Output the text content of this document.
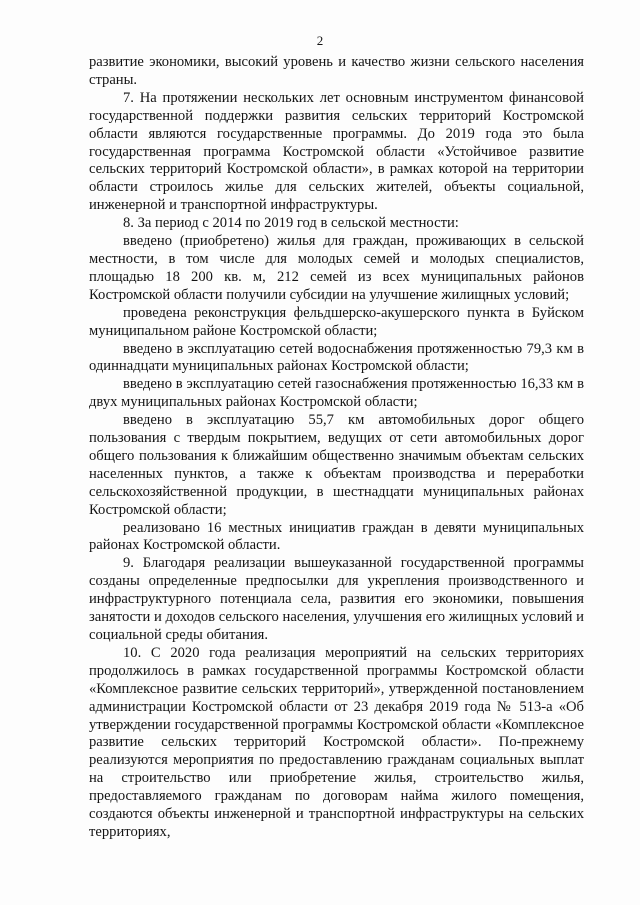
2

развитие экономики, высокий уровень и качество жизни сельского населения страны.

7. На протяжении нескольких лет основным инструментом финансовой государственной поддержки развития сельских территорий Костромской области являются государственные программы. До 2019 года это была государственная программа Костромской области «Устойчивое развитие сельских территорий Костромской области», в рамках которой на территории области строилось жилье для сельских жителей, объекты социальной, инженерной и транспортной инфраструктуры.

8. За период с 2014 по 2019 год в сельской местности:

введено (приобретено) жилья для граждан, проживающих в сельской местности, в том числе для молодых семей и молодых специалистов, площадью 18 200 кв. м, 212 семей из всех муниципальных районов Костромской области получили субсидии на улучшение жилищных условий;

проведена реконструкция фельдшерско-акушерского пункта в Буйском муниципальном районе Костромской области;

введено в эксплуатацию сетей водоснабжения протяженностью 79,3 км в одиннадцати муниципальных районах Костромской области;

введено в эксплуатацию сетей газоснабжения протяженностью 16,33 км в двух муниципальных районах Костромской области;

введено в эксплуатацию 55,7 км автомобильных дорог общего пользования с твердым покрытием, ведущих от сети автомобильных дорог общего пользования к ближайшим общественно значимым объектам сельских населенных пунктов, а также к объектам производства и переработки сельскохозяйственной продукции, в шестнадцати муниципальных районах Костромской области;

реализовано 16 местных инициатив граждан в девяти муниципальных районах Костромской области.

9. Благодаря реализации вышеуказанной государственной программы созданы определенные предпосылки для укрепления производственного и инфраструктурного потенциала села, развития его экономики, повышения занятости и доходов сельского населения, улучшения его жилищных условий и социальной среды обитания.

10. С 2020 года реализация мероприятий на сельских территориях продолжилось в рамках государственной программы Костромской области «Комплексное развитие сельских территорий», утвержденной постановлением администрации Костромской области от 23 декабря 2019 года № 513-а «Об утверждении государственной программы Костромской области «Комплексное развитие сельских территорий Костромской области». По-прежнему реализуются мероприятия по предоставлению гражданам социальных выплат на строительство или приобретение жилья, строительство жилья, предоставляемого гражданам по договорам найма жилого помещения, создаются объекты инженерной и транспортной инфраструктуры на сельских территориях,
